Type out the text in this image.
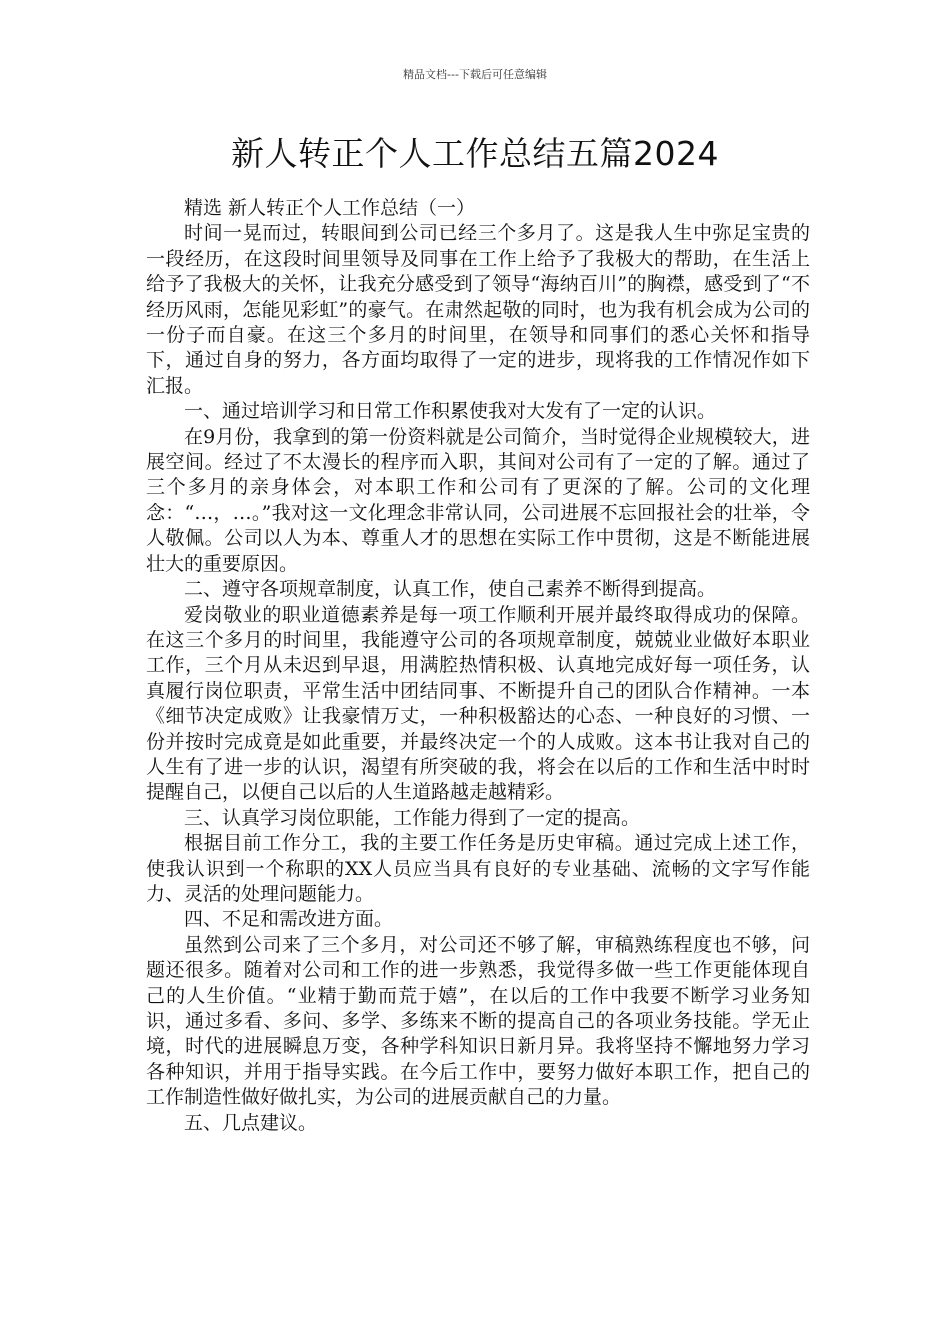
精品文档---下载后可任意编辑
新人转正个人工作总结五篇2024

精选 新人转正个人工作总结（一）

时间一晃而过，转眼间到公司已经三个多月了。这是我人生中弥足宝贵的一段经历，在这段时间里领导及同事在工作上给予了我极大的帮助，在生活上给予了我极大的关怀，让我充分感受到了领导“海纳百川”的胸襟，感受到了“不经历风雨，怎能见彩虹”的豪气。在肃然起敬的同时，也为我有机会成为公司的一份子而自豪。在这三个多月的时间里，在领导和同事们的悉心关怀和指导下，通过自身的努力，各方面均取得了一定的进步，现将我的工作情况作如下汇报。

一、通过培训学习和日常工作积累使我对大发有了一定的认识。

在9月份，我拿到的第一份资料就是公司简介，当时觉得企业规模较大，进展空间。经过了不太漫长的程序而入职，其间对公司有了一定的了解。通过了三个多月的亲身体会，对本职工作和公司有了更深的了解。公司的文化理念：“…，…。”我对这一文化理念非常认同，公司进展不忘回报社会的壮举，令人敬佩。公司以人为本、尊重人才的思想在实际工作中贯彻，这是不断能进展壮大的重要原因。

二、遵守各项规章制度，认真工作，使自己素养不断得到提高。

爱岗敬业的职业道德素养是每一项工作顺利开展并最终取得成功的保障。在这三个多月的时间里，我能遵守公司的各项规章制度，兢兢业业做好本职业工作，三个月从未迟到早退，用满腔热情积极、认真地完成好每一项任务，认真履行岗位职责，平常生活中团结同事、不断提升自己的团队合作精神。一本《细节决定成败》让我豪情万丈，一种积极豁达的心态、一种良好的习惯、一份并按时完成竟是如此重要，并最终决定一个的人成败。这本书让我对自己的人生有了进一步的认识，渴望有所突破的我，将会在以后的工作和生活中时时提醒自己，以便自己以后的人生道路越走越精彩。

三、认真学习岗位职能，工作能力得到了一定的提高。

根据目前工作分工，我的主要工作任务是历史审稿。通过完成上述工作，使我认识到一个称职的XX人员应当具有良好的专业基础、流畅的文字写作能力、灵活的处理问题能力。

四、不足和需改进方面。

虽然到公司来了三个多月，对公司还不够了解，审稿熟练程度也不够，问题还很多。随着对公司和工作的进一步熟悉，我觉得多做一些工作更能体现自己的人生价值。“业精于勤而荒于嬉”，在以后的工作中我要不断学习业务知识，通过多看、多问、多学、多练来不断的提高自己的各项业务技能。学无止境，时代的进展瞬息万变，各种学科知识日新月异。我将坚持不懈地努力学习各种知识，并用于指导实践。在今后工作中，要努力做好本职工作，把自己的工作制造性做好做扎实，为公司的进展贡献自己的力量。

五、几点建议。
